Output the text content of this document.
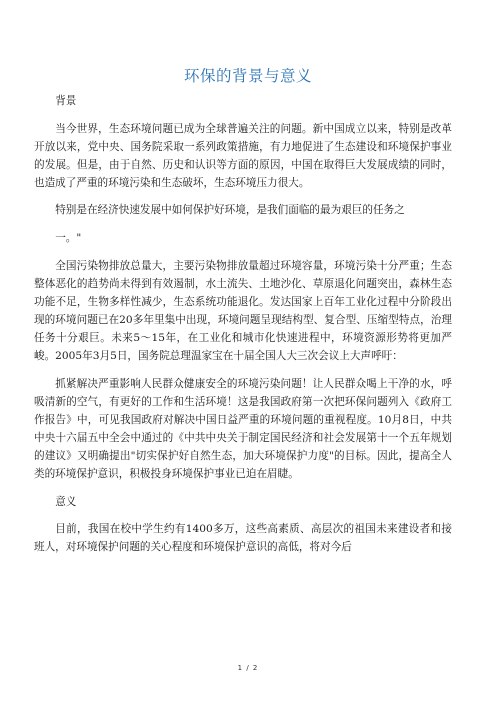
环保的背景与意义

背景

当今世界，生态环境问题已成为全球普遍关注的问题。新中国成立以来，特别是改革开放以来，党中央、国务院采取一系列政策措施，有力地促进了生态建设和环境保护事业的发展。但是，由于自然、历史和认识等方面的原因，中国在取得巨大发展成绩的同时，也造成了严重的环境污染和生态破坏，生态环境压力很大。

特别是在经济快速发展中如何保护好环境，是我们面临的最为艰巨的任务之

一。"

全国污染物排放总量大，主要污染物排放量超过环境容量，环境污染十分严重；生态整体恶化的趋势尚未得到有效遏制，水土流失、土地沙化、草原退化问题突出，森林生态功能不足，生物多样性减少，生态系统功能退化。发达国家上百年工业化过程中分阶段出现的环境问题已在20多年里集中出现，环境问题呈现结构型、复合型、压缩型特点，治理任务十分艰巨。未来5～15年，在工业化和城市化快速进程中，环境资源形势将更加严峻。2005年3月5日，国务院总理温家宝在十届全国人大三次会议上大声呼吁：

抓紧解决严重影响人民群众健康安全的环境污染问题！让人民群众喝上干净的水，呼吸清新的空气，有更好的工作和生活环境！这是我国政府第一次把环保问题列入《政府工作报告》中，可见我国政府对解决中国日益严重的环境问题的重视程度。10月8日，中共中央十六届五中全会中通过的《中共中央关于制定国民经济和社会发展第十一个五年规划的建议》又明确提出"切实保护好自然生态，加大环境保护力度"的目标。因此，提高全人类的环境保护意识，积极投身环境保护事业已迫在眉睫。

意义

目前，我国在校中学生约有1400多万，这些高素质、高层次的祖国未来建设者和接班人，对环境保护问题的关心程度和环境保护意识的高低，将对今后

1 / 2
